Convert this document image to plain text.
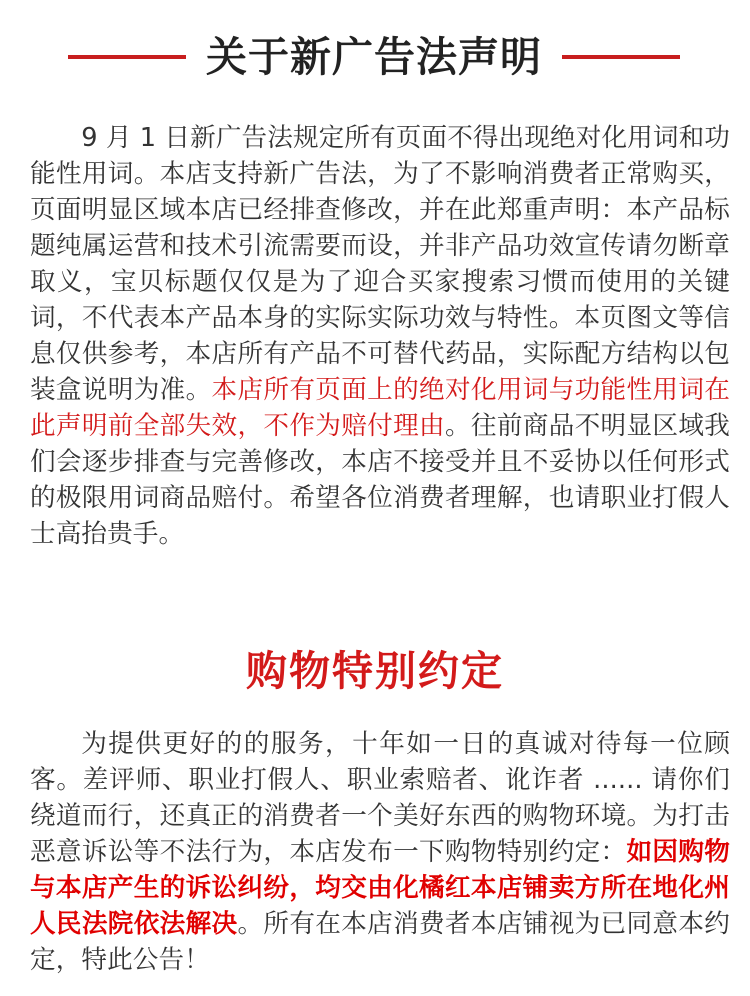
关于新广告法声明

9 月 1 日新广告法规定所有页面不得出现绝对化用词和功能性用词。本店支持新广告法，为了不影响消费者正常购买，页面明显区域本店已经排查修改，并在此郑重声明：本产品标题纯属运营和技术引流需要而设，并非产品功效宣传请勿断章取义，宝贝标题仅仅是为了迎合买家搜索习惯而使用的关键词，不代表本产品本身的实际实际功效与特性。本页图文等信息仅供参考，本店所有产品不可替代药品，实际配方结构以包装盒说明为准。本店所有页面上的绝对化用词与功能性用词在此声明前全部失效，不作为赔付理由。往前商品不明显区域我们会逐步排查与完善修改，本店不接受并且不妥协以任何形式的极限用词商品赔付。希望各位消费者理解，也请职业打假人士高抬贵手。

购物特别约定

为提供更好的的服务，十年如一日的真诚对待每一位顾客。差评师、职业打假人、职业索赔者、讹诈者 ...... 请你们绕道而行，还真正的消费者一个美好东西的购物环境。为打击恶意诉讼等不法行为，本店发布一下购物特别约定：如因购物与本店产生的诉讼纠纷，均交由化橘红本店铺卖方所在地化州人民法院依法解决。所有在本店消费者本店铺视为已同意本约定，特此公告！
